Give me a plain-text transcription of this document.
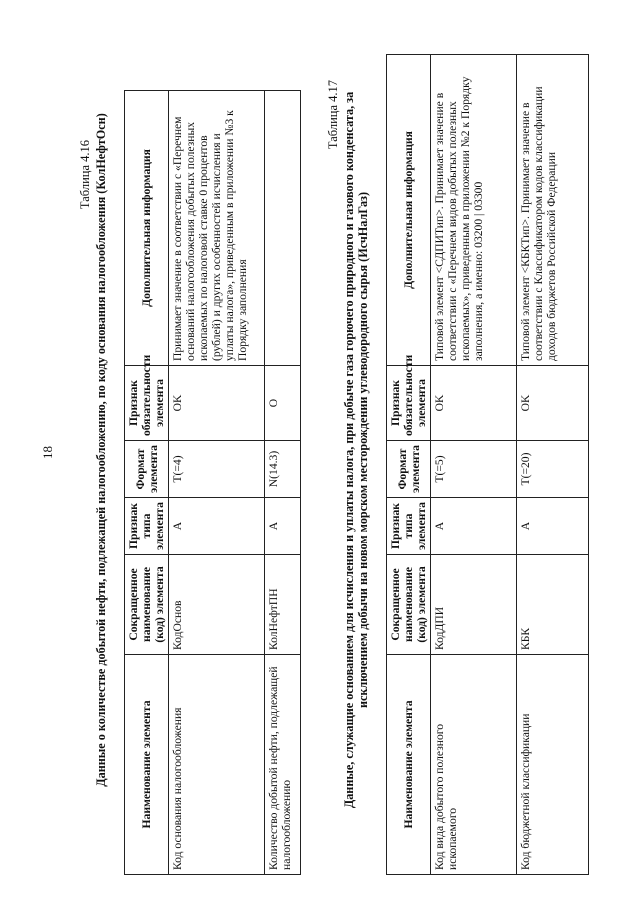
18
Таблица 4.16 Данные о количестве добытой нефти, подлежащей налогообложению, по коду основания налогообложения (КолНефтОсн)	Наименование элемента	Сокращенное наименование (код) элемента	Признак типа элемента	Формат элемента	Признак обязательности элемента	Дополнительная информация
Код основания налогообложения	КодОснов	А	T(=4)	OK	Принимает значение в соответствии с «Перечнем оснований налогообложения добытых полезных ископаемых по налоговой ставке 0 процентов (рублей) и других особенностей исчисления и уплаты налога», приведенным в приложении №3 к Порядку заполнения
Количество добытой нефти, подлежащей налогообложению	КолНефтПН	А	N(14.3)	О	
Таблица 4.17 Данные, служащие основанием для исчисления и уплаты налога, при добыче газа горючего природного и газового конденсата, за исключением добычи на новом морском месторождении углеводородного сырья (ИсчНалГаз)
Наименование элемента	Сокращенное наименование (код) элемента	Признак типа элемента	Формат элемента	Признак обязательности элемента	Дополнительная информация
Код вида добытого полезного ископаемого	КодДПИ	А	T(=5)	OK	Типовой элемент <СДПИТип>. Принимает значение в соответствии с «Перечнем видов добытых полезных ископаемых», приведенным в приложении №2 к Порядку заполнения, а именно: 03200 | 03300
Код бюджетной классификации	КБК	А	T(=20)	OK	Типовой элемент <КБКТип>. Принимает значение в соответствии с Классификатором кодов классификации доходов бюджетов Российской Федерации
